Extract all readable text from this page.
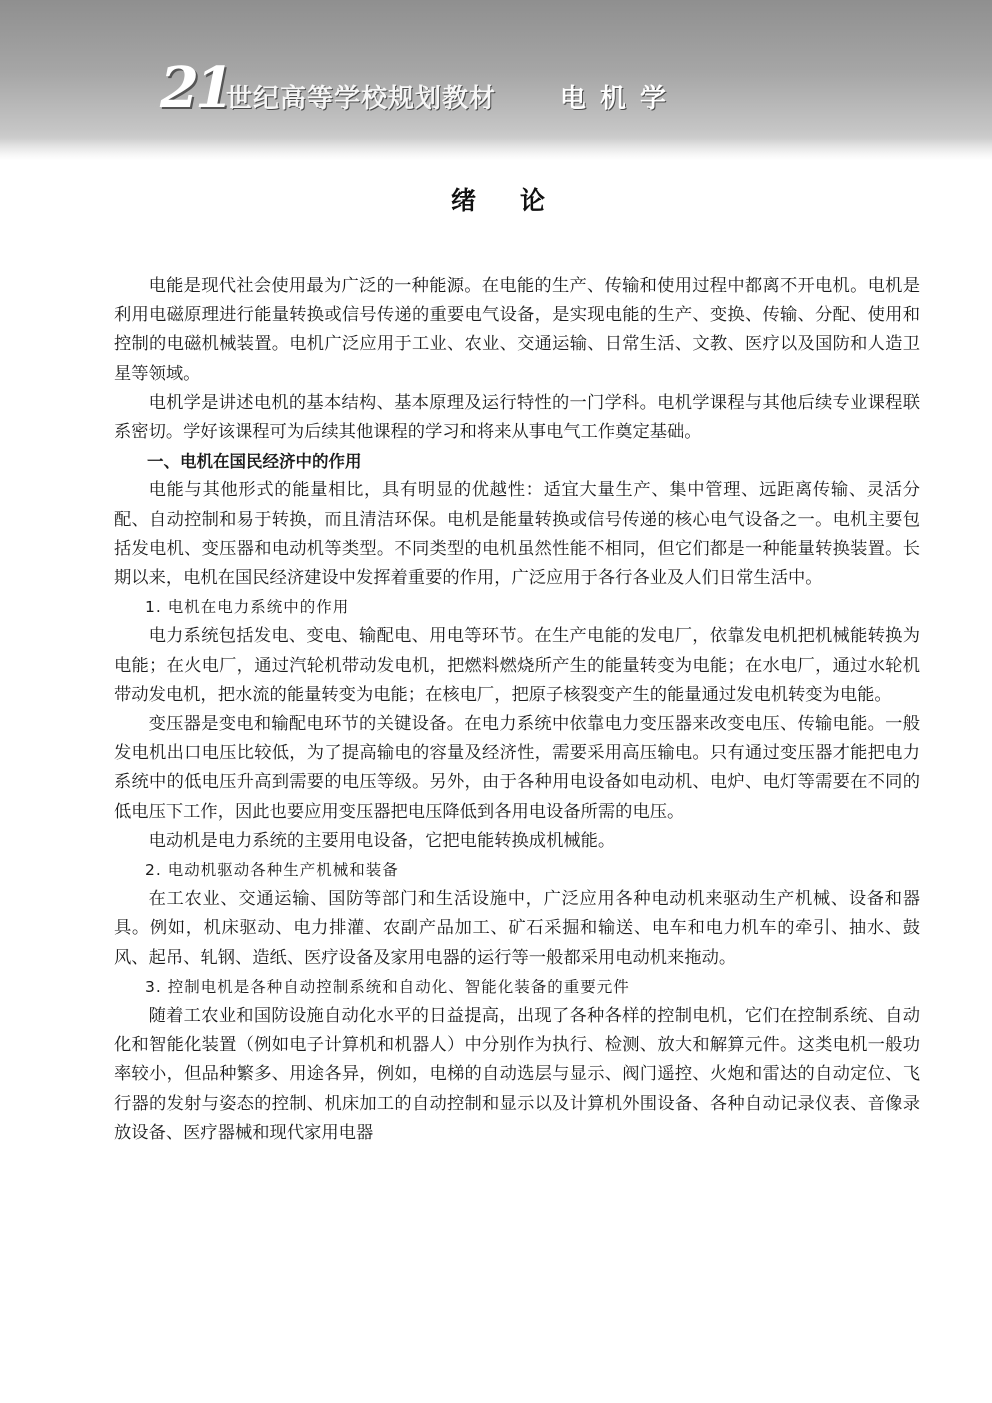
21
世纪高等学校规划教材 电机学
绪论

电能是现代社会使用最为广泛的一种能源。在电能的生产、传输和使用过程中都离不开电机。电机是利用电磁原理进行能量转换或信号传递的重要电气设备，是实现电能的生产、变换、传输、分配、使用和控制的电磁机械装置。电机广泛应用于工业、农业、交通运输、日常生活、文教、医疗以及国防和人造卫星等领域。

电机学是讲述电机的基本结构、基本原理及运行特性的一门学科。电机学课程与其他后续专业课程联系密切。学好该课程可为后续其他课程的学习和将来从事电气工作奠定基础。

一、电机在国民经济中的作用

电能与其他形式的能量相比，具有明显的优越性：适宜大量生产、集中管理、远距离传输、灵活分配、自动控制和易于转换，而且清洁环保。电机是能量转换或信号传递的核心电气设备之一。电机主要包括发电机、变压器和电动机等类型。不同类型的电机虽然性能不相同，但它们都是一种能量转换装置。长期以来，电机在国民经济建设中发挥着重要的作用，广泛应用于各行各业及人们日常生活中。

1. 电机在电力系统中的作用

电力系统包括发电、变电、输配电、用电等环节。在生产电能的发电厂，依靠发电机把机械能转换为电能；在火电厂，通过汽轮机带动发电机，把燃料燃烧所产生的能量转变为电能；在水电厂，通过水轮机带动发电机，把水流的能量转变为电能；在核电厂，把原子核裂变产生的能量通过发电机转变为电能。

变压器是变电和输配电环节的关键设备。在电力系统中依靠电力变压器来改变电压、传输电能。一般发电机出口电压比较低，为了提高输电的容量及经济性，需要采用高压输电。只有通过变压器才能把电力系统中的低电压升高到需要的电压等级。另外，由于各种用电设备如电动机、电炉、电灯等需要在不同的低电压下工作，因此也要应用变压器把电压降低到各用电设备所需的电压。

电动机是电力系统的主要用电设备，它把电能转换成机械能。

2. 电动机驱动各种生产机械和装备

在工农业、交通运输、国防等部门和生活设施中，广泛应用各种电动机来驱动生产机械、设备和器具。例如，机床驱动、电力排灌、农副产品加工、矿石采掘和输送、电车和电力机车的牵引、抽水、鼓风、起吊、轧钢、造纸、医疗设备及家用电器的运行等一般都采用电动机来拖动。

3. 控制电机是各种自动控制系统和自动化、智能化装备的重要元件

随着工农业和国防设施自动化水平的日益提高，出现了各种各样的控制电机，它们在控制系统、自动化和智能化装置（例如电子计算机和机器人）中分别作为执行、检测、放大和解算元件。这类电机一般功率较小，但品种繁多、用途各异，例如，电梯的自动选层与显示、阀门遥控、火炮和雷达的自动定位、飞行器的发射与姿态的控制、机床加工的自动控制和显示以及计算机外围设备、各种自动记录仪表、音像录放设备、医疗器械和现代家用电器
